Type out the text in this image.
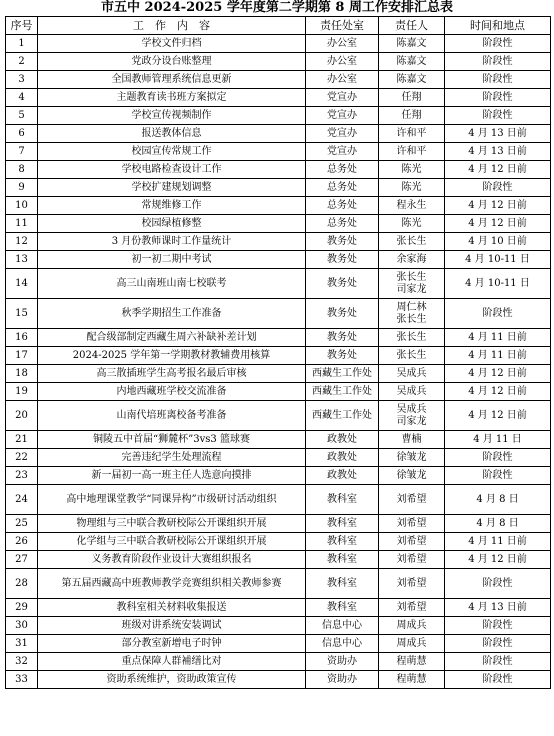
市五中 2024-2025 学年度第二学期第 8 周工作安排汇总表
序号	工　作　内　容	责任处室	责任人	时间和地点
1	学校文件归档	办公室	陈嘉文	阶段性
2	党政分设台账整理	办公室	陈嘉文	阶段性
3	全国教师管理系统信息更新	办公室	陈嘉文	阶段性
4	主题教育读书班方案拟定	党宣办	任翔	阶段性
5	学校宣传视频制作	党宣办	任翔	阶段性
6	报送教体信息	党宣办	许和平	4 月 13 日前
7	校园宣传常规工作	党宣办	许和平	4 月 13 日前
8	学校电路检查设计工作	总务处	陈光	4 月 12 日前
9	学校扩建规划调整	总务处	陈光	阶段性
10	常规维修工作	总务处	程永生	4 月 12 日前
11	校园绿植修整	总务处	陈光	4 月 12 日前
12	3 月份教师课时工作量统计	教务处	张长生	4 月 10 日前
13	初一初二期中考试	教务处	余家海	4 月 10-11 日
14	高三山南班山南七校联考	教务处	张长生
司家龙	4 月 10-11 日
15	秋季学期招生工作准备	教务处	周仁林
张长生	阶段性
16	配合级部制定西藏生周六补缺补差计划	教务处	张长生	4 月 11 日前
17	2024-2025 学年第一学期教材教辅费用核算	教务处	张长生	4 月 11 日前
18	高三散插班学生高考报名最后审核	西藏生工作处	吴成兵	4 月 12 日前
19	内地西藏班学校交流准备	西藏生工作处	吴成兵	4 月 12 日前
20	山南代培班离校备考准备	西藏生工作处	吴成兵
司家龙	4 月 12 日前
21	铜陵五中首届“狮麓杯”3vs3 篮球赛	政教处	曹楠	4 月 11 日
22	完善违纪学生处理流程	政教处	徐皱龙	阶段性
23	新一届初一高一班主任人选意向摸排	政教处	徐皱龙	阶段性
24	高中地理课堂教学“同课异构”市级研讨活动组织	教科室	刘希望	4 月 8 日
25	物理组与三中联合教研校际公开课组织开展	教科室	刘希望	4 月 8 日
26	化学组与三中联合教研校际公开课组织开展	教科室	刘希望	4 月 11 日前
27	义务教育阶段作业设计大赛组织报名	教科室	刘希望	4 月 12 日前
28	第五届西藏高中班教师教学竞赛组织相关教师参赛	教科室	刘希望	阶段性
29	教科室相关材料收集报送	教科室	刘希望	4 月 13 日前
30	班级对讲系统安装调试	信息中心	周成兵	阶段性
31	部分教室新增电子时钟	信息中心	周成兵	阶段性
32	重点保障人群補缮比对	资助办	程萌慧	阶段性
33	资助系统维护，资助政策宣传	资助办	程萌慧	阶段性
